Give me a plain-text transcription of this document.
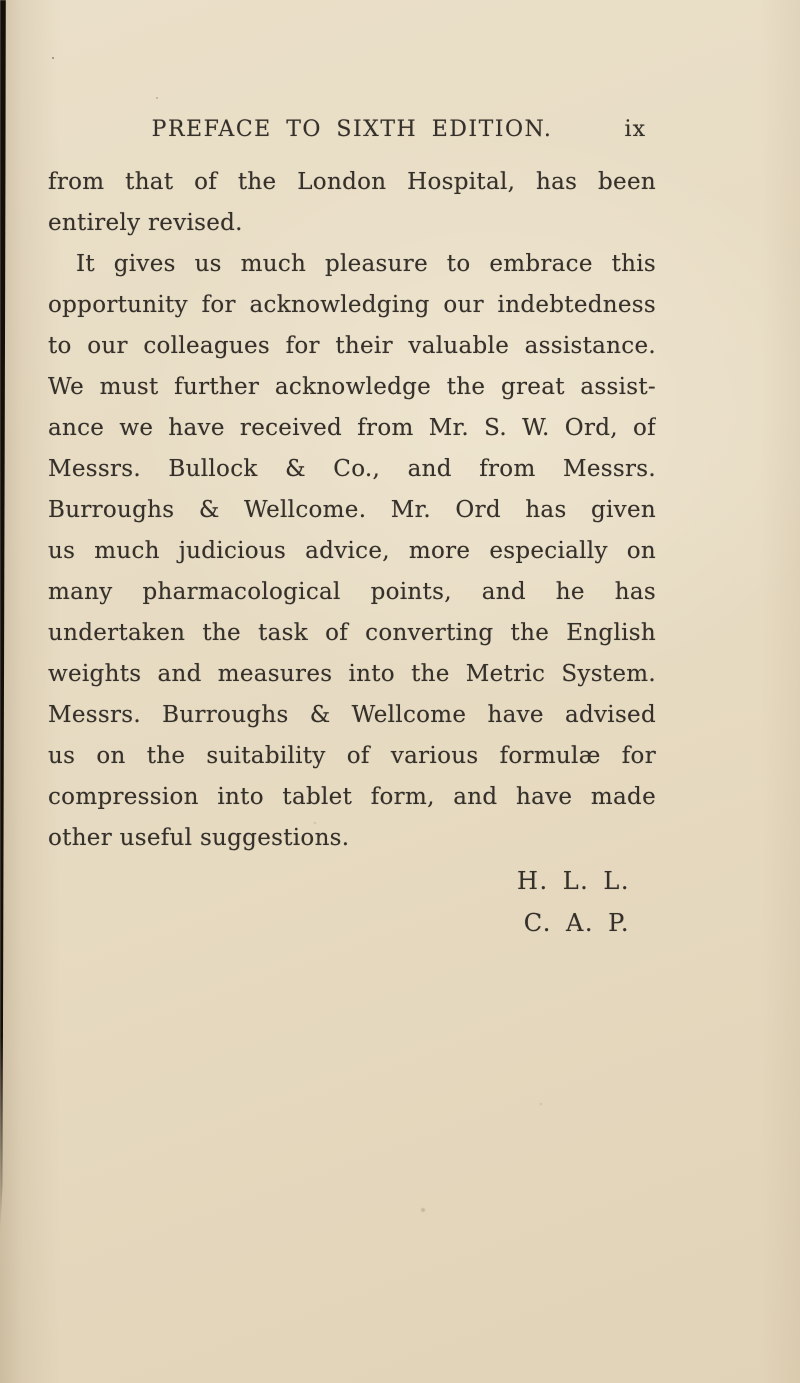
PREFACE TO SIXTH EDITION.	ix
from that of the London Hospital, has been
entirely revised.
It gives us much pleasure to embrace this
opportunity for acknowledging our indebtedness
to our colleagues for their valuable assistance.
We must further acknowledge the great assist-
ance we have received from Mr. S. W. Ord, of
Messrs. Bullock & Co., and from Messrs.
Burroughs & Wellcome. Mr. Ord has given
us much judicious advice, more especially on
many pharmacological points, and he has
undertaken the task of converting the English
weights and measures into the Metric System.
Messrs. Burroughs & Wellcome have advised
us on the suitability of various formulæ for
compression into tablet form, and have made
other useful suggestions.
H. L. L.
C. A. P.
